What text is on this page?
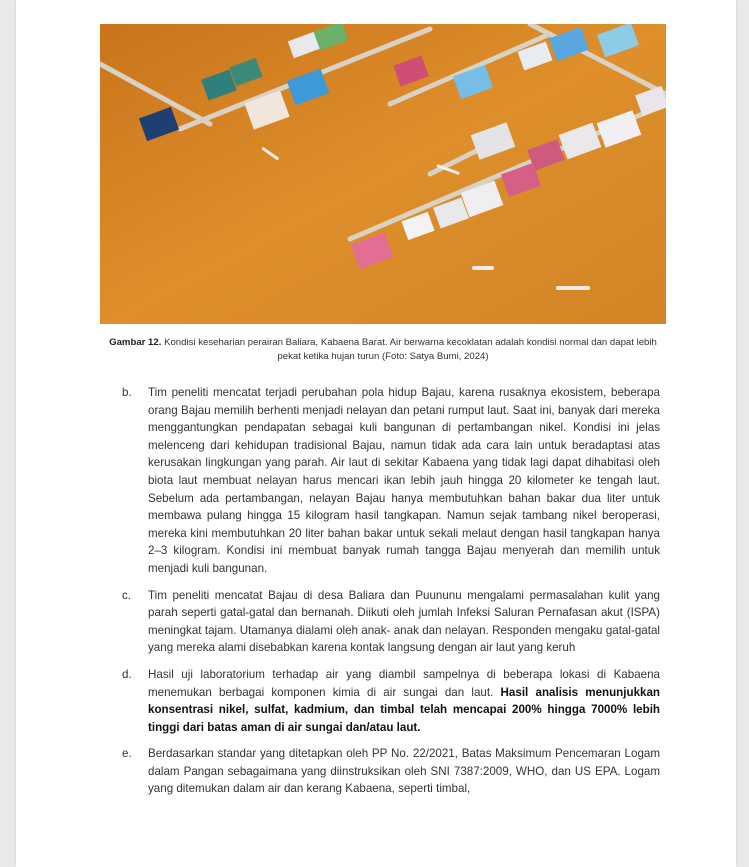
Gambar 12. Kondisi keseharian perairan Baliara, Kabaena Barat. Air berwarna kecoklatan adalah kondisi normal dan dapat lebih pekat ketika hujan turun (Foto: Satya Bumi, 2024)
b. Tim peneliti mencatat terjadi perubahan pola hidup Bajau, karena rusaknya ekosistem, beberapa orang Bajau memilih berhenti menjadi nelayan dan petani rumput laut. Saat ini, banyak dari mereka menggantungkan pendapatan sebagai kuli bangunan di pertambangan nikel. Kondisi ini jelas melenceng dari kehidupan tradisional Bajau, namun tidak ada cara lain untuk beradaptasi atas kerusakan lingkungan yang parah. Air laut di sekitar Kabaena yang tidak lagi dapat dihabitasi oleh biota laut membuat nelayan harus mencari ikan lebih jauh hingga 20 kilometer ke tengah laut. Sebelum ada pertambangan, nelayan Bajau hanya membutuhkan bahan bakar dua liter untuk membawa pulang hingga 15 kilogram hasil tangkapan. Namun sejak tambang nikel beroperasi, mereka kini membutuhkan 20 liter bahan bakar untuk sekali melaut dengan hasil tangkapan hanya 2–3 kilogram. Kondisi ini membuat banyak rumah tangga Bajau menyerah dan memilih untuk menjadi kuli bangunan.
c. Tim peneliti mencatat Bajau di desa Baliara dan Puununu mengalami permasalahan kulit yang parah seperti gatal-gatal dan bernanah. Diikuti oleh jumlah Infeksi Saluran Pernafasan akut (ISPA) meningkat tajam. Utamanya dialami oleh anak- anak dan nelayan. Responden mengaku gatal-gatal yang mereka alami disebabkan karena kontak langsung dengan air laut yang keruh
d. Hasil uji laboratorium terhadap air yang diambil sampelnya di beberapa lokasi di Kabaena menemukan berbagai komponen kimia di air sungai dan laut. Hasil analisis menunjukkan konsentrasi nikel, sulfat, kadmium, dan timbal telah mencapai 200% hingga 7000% lebih tinggi dari batas aman di air sungai dan/atau laut.
e. Berdasarkan standar yang ditetapkan oleh PP No. 22/2021, Batas Maksimum Pencemaran Logam dalam Pangan sebagaimana yang diinstruksikan oleh SNI 7387:2009, WHO, dan US EPA. Logam yang ditemukan dalam air dan kerang Kabaena, seperti timbal,
